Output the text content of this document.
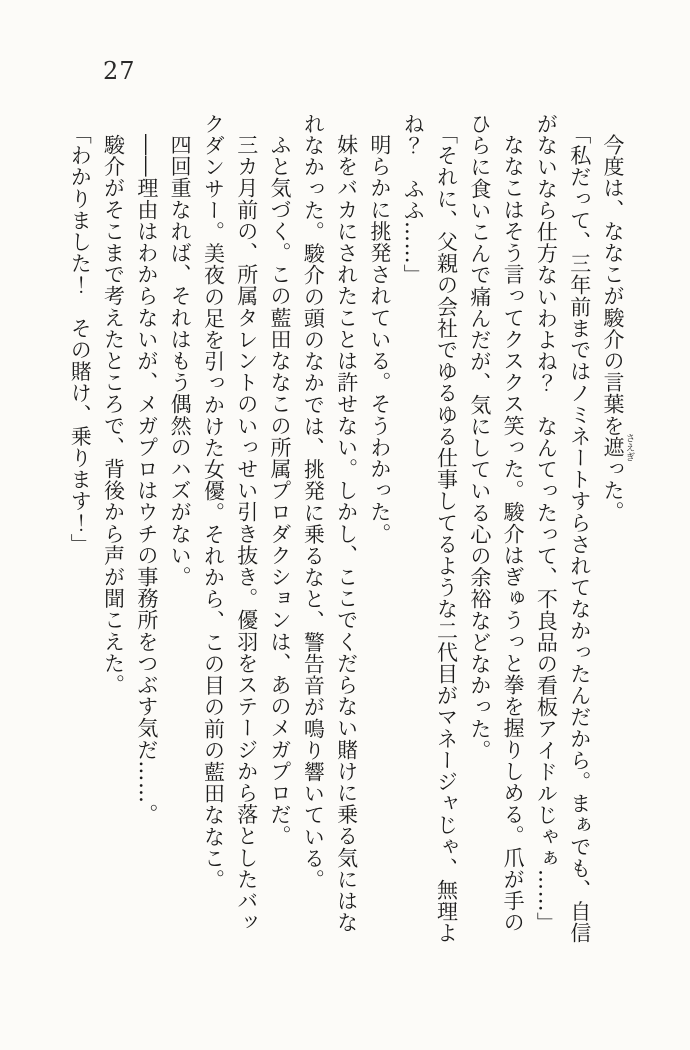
27
今度は、ななこが駿介の言葉を遮さえぎった。
「私だって、三年前まではノミネートすらされてなかったんだから。まぁでも、自信
がないなら仕方ないわよね？　なんてったって、不良品の看板アイドルじゃぁ……」
ななこはそう言ってクスクス笑った。駿介はぎゅうっと拳を握りしめる。爪が手の
ひらに食いこんで痛んだが、気にしている心の余裕などなかった。
「それに、父親の会社でゆるゆる仕事してるような二代目がマネージャじゃ、無理よ
ね？　ふふ……」
明らかに挑発されている。そうわかった。
妹をバカにされたことは許せない。しかし、ここでくだらない賭けに乗る気にはな
れなかった。駿介の頭のなかでは、挑発に乗るなと、警告音が鳴り響いている。
ふと気づく。この藍田ななこの所属プロダクションは、あのメガプロだ。
三カ月前の、所属タレントのいっせい引き抜き。優羽をステージから落としたバッ
クダンサー。美夜の足を引っかけた女優。それから、この目の前の藍田ななこ。
四回重なれば、それはもう偶然のハズがない。
――理由はわからないが、メガプロはウチの事務所をつぶす気だ……。
駿介がそこまで考えたところで、背後から声が聞こえた。
「わかりました！　その賭け、乗ります！」
